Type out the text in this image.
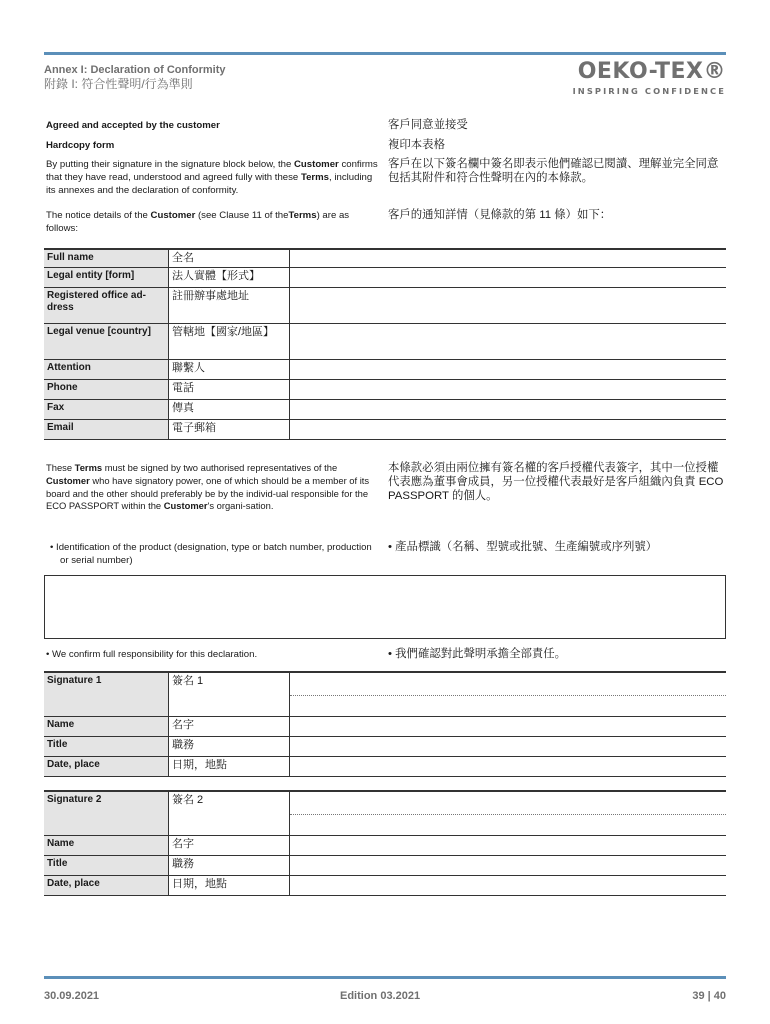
Annex I: Declaration of Conformity
附錄 I: 符合性聲明/行為準則	OEKO-TEX®
INSPIRING CONFIDENCE
Agreed and accepted by the customer	客戶同意並接受
Hardcopy form	複印本表格
By putting their signature in the signature block below, the Customer confirms that they have read, understood and agreed fully with these Terms, including its annexes and the declaration of conformity.
客戶在以下簽名欄中簽名即表示他們確認已閱讀、理解並完全同意包括其附件和符合性聲明在內的本條款。
The notice details of the Customer (see Clause 11 of theTerms) are as follows:
客戶的通知詳情（見條款的第 11 條）如下：
Full name	全名	
Legal entity [form]	法人實體【形式】	
Registered office ad-dress	註冊辦事處地址	
Legal venue [country]	管轄地【國家/地區】	
Attention	聯繫人	
Phone	電話	
Fax	傳真	
Email	電子郵箱	
These Terms must be signed by two authorised representatives of the Customer who have signatory power, one of which should be a member of its board and the other should preferably be by the individ-ual responsible for the ECO PASSPORT within the Customer's organi-sation.
本條款必須由兩位擁有簽名權的客戶授權代表簽字，其中一位授權代表應為董事會成員，另一位授權代表最好是客戶組織內負責 ECO PASSPORT 的個人。
• Identification of the product (designation, type or batch number, production or serial number)
• 產品標識（名稱、型號或批號、生產編號或序列號）
• We confirm full responsibility for this declaration.	• 我們確認對此聲明承擔全部責任。
Signature 1	簽名 1	

Name	名字	
Title	職務	
Date, place	日期，地點	
Signature 2	簽名 2	

Name	名字	
Title	職務	
Date, place	日期，地點	
30.09.2021	Edition 03.2021	39 | 40
